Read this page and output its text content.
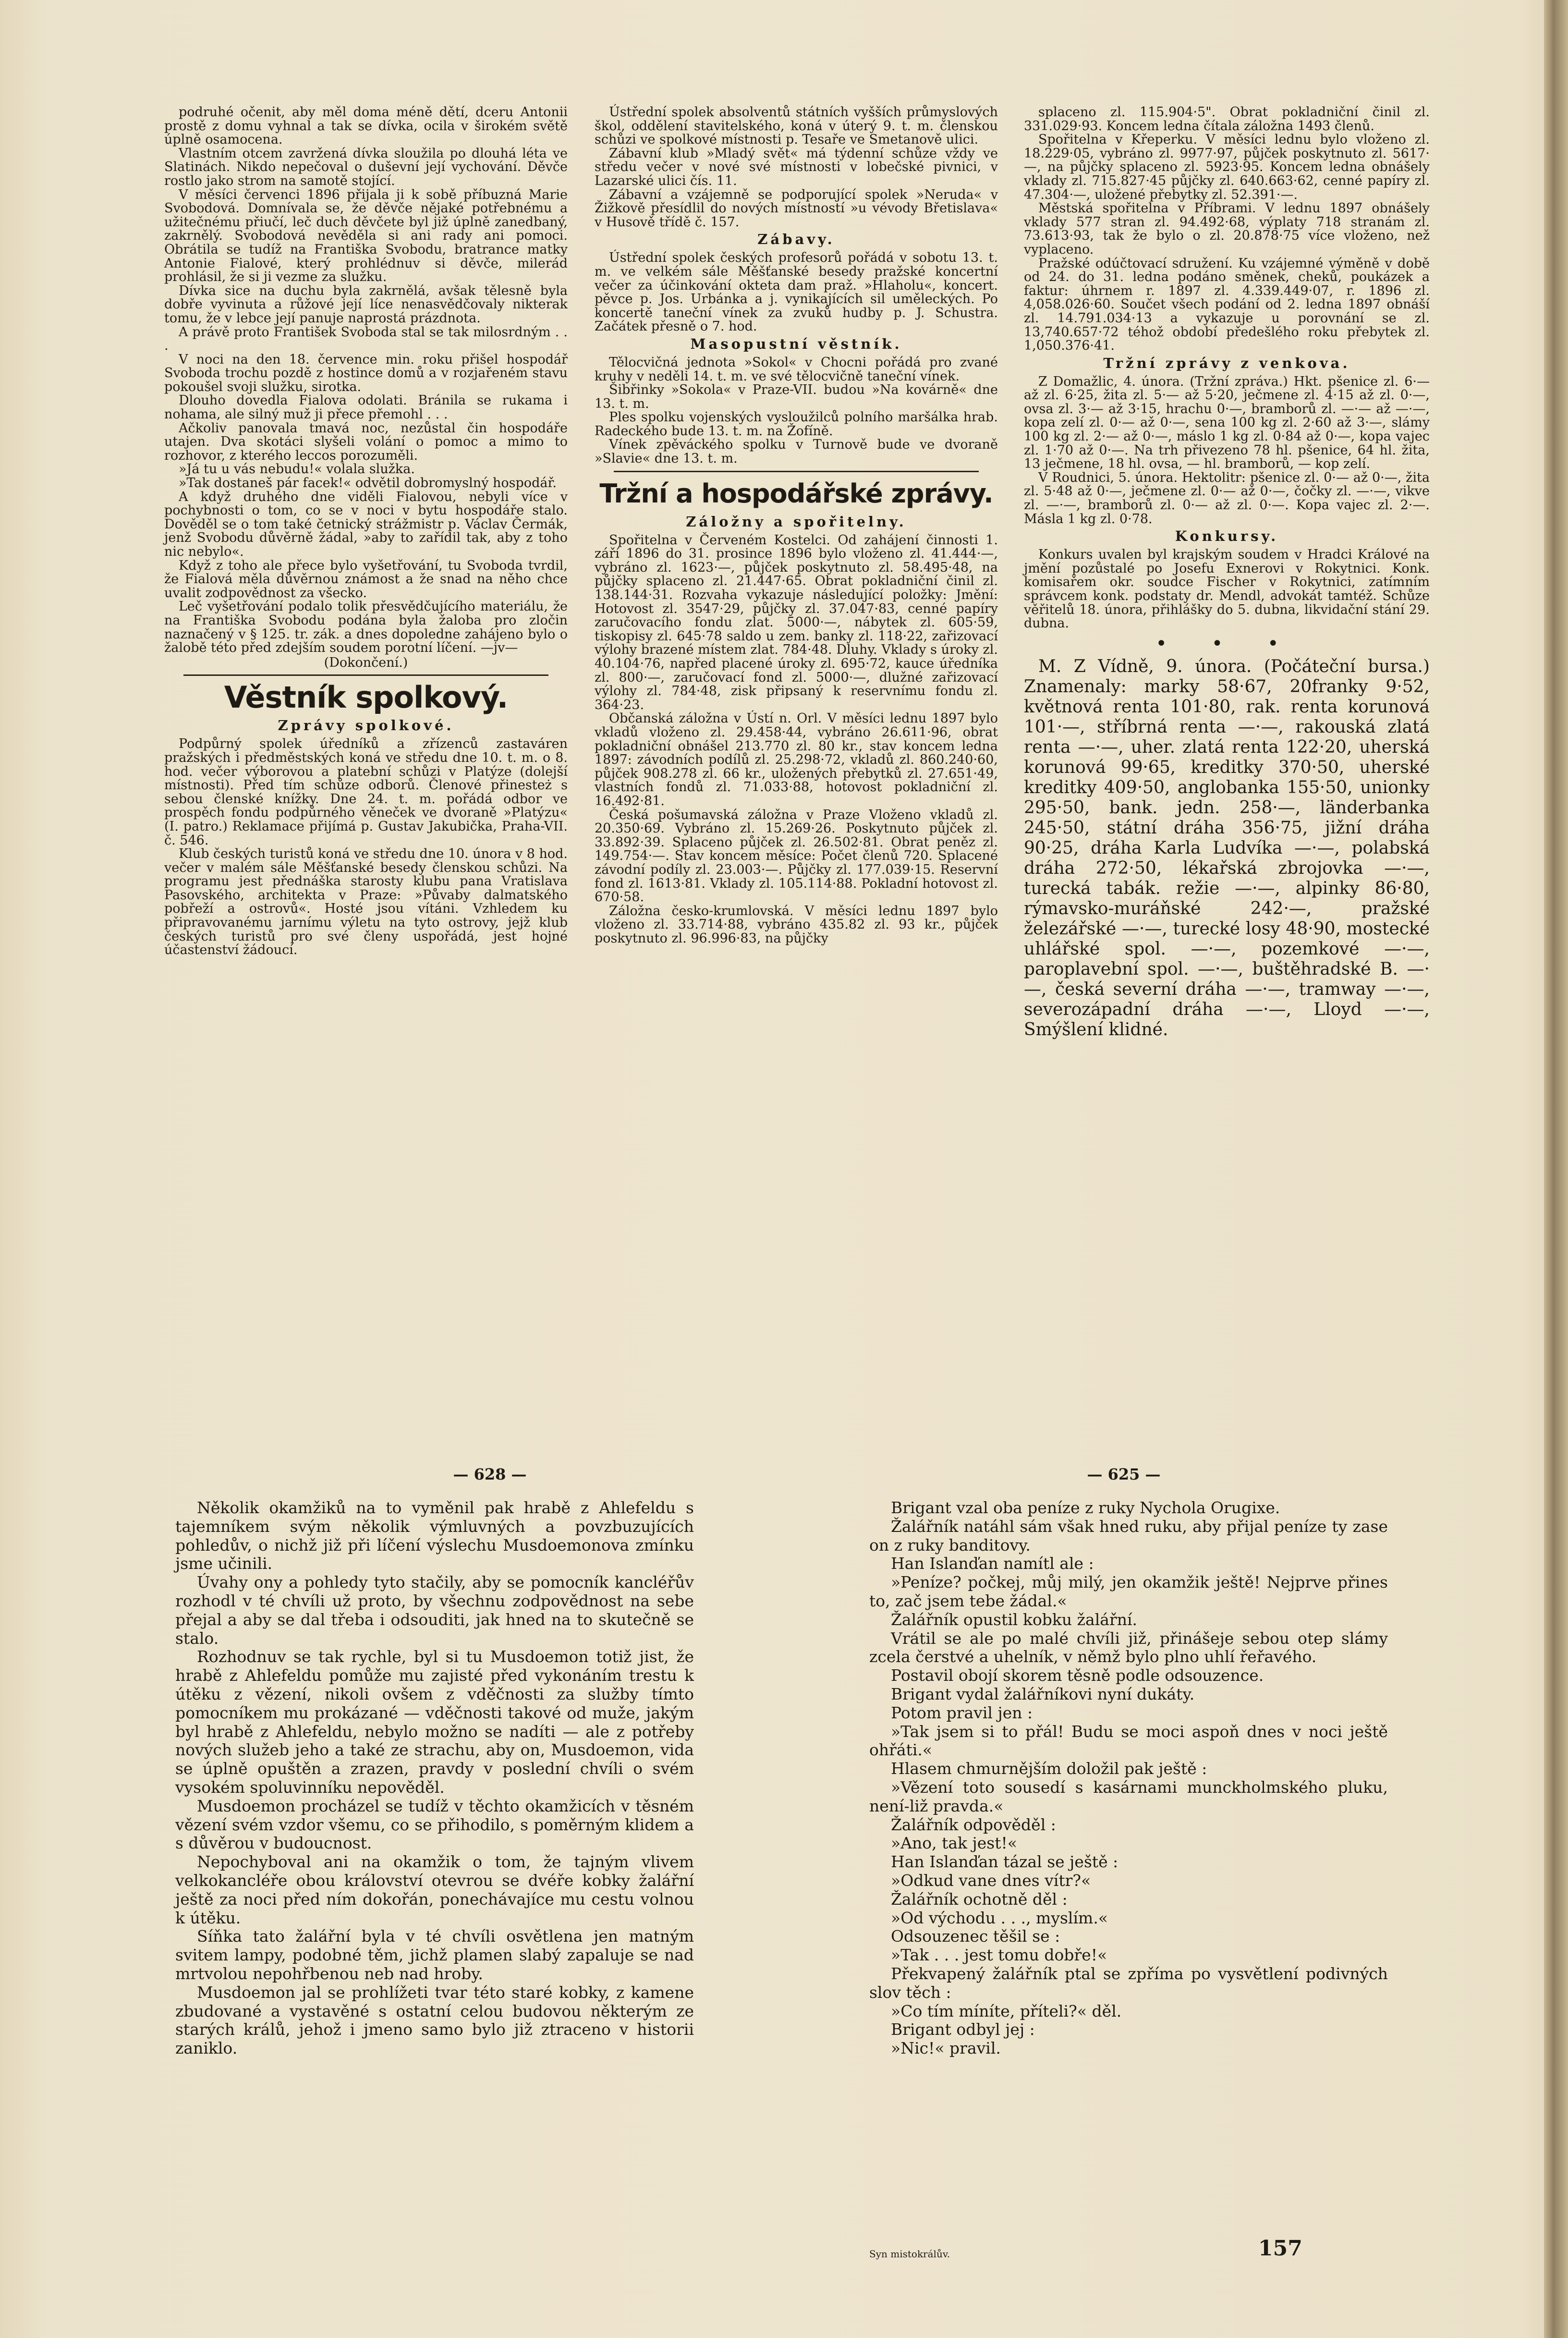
podruhé očenit, aby měl doma méně dětí, dceru Antonii prostě z domu vyhnal a tak se dívka, ocila v širokém světě úplně osamocena.

Vlastním otcem zavržená dívka sloužila po dlouhá léta ve Slatinách. Nikdo nepečoval o duševní její vychování. Děvče rostlo jako strom na samotě stojící.

V měsíci červenci 1896 přijala ji k sobě příbuzná Marie Svobodová. Domnívala se, že děvče nějaké potřebnému a užitečnému přiučí, leč duch děvčete byl již úplně zanedbaný, zakrnělý. Svobodová nevěděla si ani rady ani pomoci. Obrátila se tudíž na Františka Svobodu, bratrance matky Antonie Fialové, který prohlédnuv si děvče, milerád prohlásil, že si ji vezme za služku.

Dívka sice na duchu byla zakrnělá, avšak tělesně byla dobře vyvinuta a růžové její líce nenasvědčovaly nikterak tomu, že v lebce její panuje naprostá prázdnota.

A právě proto František Svoboda stal se tak milosrdným . . .

V noci na den 18. července min. roku přišel hospodář Svoboda trochu pozdě z hostince domů a v rozjařeném stavu pokoušel svoji služku, sirotka.

Dlouho dovedla Fialova odolati. Bránila se rukama i nohama, ale silný muž ji přece přemohl . . .

Ačkoliv panovala tmavá noc, nezůstal čin hospodáře utajen. Dva skotáci slyšeli volání o pomoc a mimo to rozhovor, z kterého leccos porozuměli.

»Já tu u vás nebudu!« volala služka.

»Tak dostaneš pár facek!« odvětil dobromyslný hospodář.

A když druhého dne viděli Fialovou, nebyli více v pochybnosti o tom, co se v noci v bytu hospodáře stalo. Dověděl se o tom také četnický strážmistr p. Václav Čermák, jenž Svobodu důvěrně žádal, »aby to zařídil tak, aby z toho nic nebylo«.

Když z toho ale přece bylo vyšetřování, tu Svoboda tvrdil, že Fialová měla důvěrnou známost a že snad na něho chce uvalit zodpovědnost za všecko.

Leč vyšetřování podalo tolik přesvědčujícího materiálu, že na Františka Svobodu podána byla žaloba pro zločin naznačený v § 125. tr. zák. a dnes dopoledne zahájeno bylo o žalobě této před zdejším soudem porotní líčení. —jv—

(Dokončení.)

Věstník spolkový.
Zprávy spolkové.

Podpůrný spolek úředníků a zřízenců zastaváren pražských i předměstských koná ve středu dne 10. t. m. o 8. hod. večer výborovou a platební schůzi v Platýze (dolejší místnosti). Před tím schůze odborů. Členové přinesteż s sebou členské knížky. Dne 24. t. m. pořádá odbor ve prospěch fondu podpůrného věneček ve dvoraně »Platýzu« (I. patro.) Reklamace přijímá p. Gustav Jakubička, Praha-VII. č. 546.

Klub českých turistů koná ve středu dne 10. února v 8 hod. večer v malém sále Měšťanské besedy členskou schůzi. Na programu jest přednáška starosty klubu pana Vratislava Pasovského, architekta v Praze: »Půvaby dalmatského pobřeží a ostrovů«. Hosté jsou vítáni. Vzhledem ku připravovanému jarnímu výletu na tyto ostrovy, jejž klub českých turistů pro své členy uspořádá, jest hojné účastenství žádoucí.

Ústřední spolek absolventů státních vyšších průmyslových škol, oddělení stavitelského, koná v úterý 9. t. m. členskou schůzi ve spolkové místnosti p. Tesaře ve Smetanově ulici.

Zábavní klub »Mladý svět« má týdenní schůze vždy ve středu večer v nové své místnosti v lobečské pivnici, v Lazarské ulici čís. 11.

Zábavní a vzájemně se podporující spolek »Neruda« v Žižkově přesídlil do nových místností »u vévody Břetislava« v Husově třídě č. 157.

Zábavy.

Ústřední spolek českých profesorů pořádá v sobotu 13. t. m. ve velkém sále Měšťanské besedy pražské koncertní večer za účinkování okteta dam praž. »Hlaholu«, koncert. pěvce p. Jos. Urbánka a j. vynikajících sil uměleckých. Po koncertě taneční vínek za zvuků hudby p. J. Schustra. Začátek přesně o 7. hod.

Masopustní věstník.

Tělocvičná jednota »Sokol« v Chocni pořádá pro zvané kruhy v neděli 14. t. m. ve své tělocvičně taneční vínek.

Šibřinky »Sokola« v Praze-VII. budou »Na kovárně« dne 13. t. m.

Ples spolku vojenských vysloužilců polního maršálka hrab. Radeckého bude 13. t. m. na Žofíně.

Vínek zpěváckého spolku v Turnově bude ve dvoraně »Slavie« dne 13. t. m.

Tržní a hospodářské zprávy.
Záložny a spořitelny.

Spořitelna v Červeném Kostelci. Od zahájení činnosti 1. září 1896 do 31. prosince 1896 bylo vloženo zl. 41.444·—, vybráno zl. 1623·—, půjček poskytnuto zl. 58.495·48, na půjčky splaceno zl. 21.447·65. Obrat pokladniční činil zl. 138.144·31. Rozvaha vykazuje následující položky: Jmění: Hotovost zl. 3547·29, půjčky zl. 37.047·83, cenné papíry zaručovacího fondu zlat. 5000·—, nábytek zl. 605·59, tiskopisy zl. 645·78 saldo u zem. banky zl. 118·22, zařizovací výlohy brazené místem zlat. 784·48. Dluhy. Vklady s úroky zl. 40.104·76, napřed placené úroky zl. 695·72, kauce úředníka zl. 800·—, zaručovací fond zl. 5000·—, dlužné zařizovací výlohy zl. 784·48, zisk připsaný k reservnímu fondu zl. 364·23.

Občanská záložna v Ústí n. Orl. V měsíci lednu 1897 bylo vkladů vloženo zl. 29.458·44, vybráno 26.611·96, obrat pokladniční obnášel 213.770 zl. 80 kr., stav koncem ledna 1897: závodních podílů zl. 25.298·72, vkladů zl. 860.240·60, půjček 908.278 zl. 66 kr., uložených přebytků zl. 27.651·49, vlastních fondů zl. 71.033·88, hotovost pokladniční zl. 16.492·81.

Česká pošumavská záložna v Praze Vloženo vkladů zl. 20.350·69. Vybráno zl. 15.269·26. Poskytnuto půjček zl. 33.892·39. Splaceno půjček zl. 26.502·81. Obrat peněz zl. 149.754·—. Stav koncem měsíce: Počet členů 720. Splacené závodní podíly zl. 23.003·—. Půjčky zl. 177.039·15. Reservní fond zl. 1613·81. Vklady zl. 105.114·88. Pokladní hotovost zl. 670·58.

Záložna česko-krumlovská. V měsíci lednu 1897 bylo vloženo zl. 33.714·88, vybráno 435.82 zl. 93 kr., půjček poskytnuto zl. 96.996·83, na půjčky

splaceno zl. 115.904·5". Obrat pokladniční činil zl. 331.029·93. Koncem ledna čítala záložna 1493 členů.

Spořitelna v Křeperku. V měsíci lednu bylo vloženo zl. 18.229·05, vybráno zl. 9977·97, půjček poskytnuto zl. 5617·—, na půjčky splaceno zl. 5923·95. Koncem ledna obnášely vklady zl. 715.827·45 půjčky zl. 640.663·62, cenné papíry zl. 47.304·—, uložené přebytky zl. 52.391·—.

Městská spořitelna v Příbrami. V lednu 1897 obnášely vklady 577 stran zl. 94.492·68, výplaty 718 stranám zl. 73.613·93, tak že bylo o zl. 20.878·75 více vloženo, než vyplaceno.

Pražské odúčtovací sdružení. Ku vzájemné výměně v době od 24. do 31. ledna podáno směnek, cheků, poukázek a faktur: úhrnem r. 1897 zl. 4.339.449·07, r. 1896 zl. 4,058.026·60. Součet všech podání od 2. ledna 1897 obnáší zl. 14.791.034·13 a vykazuje u porovnání se zl. 13,740.657·72 téhož období předešlého roku přebytek zl. 1,050.376·41.

Tržní zprávy z venkova.

Z Domažlic, 4. února. (Tržní zpráva.) Hkt. pšenice zl. 6·— až zl. 6·25, žita zl. 5·— až 5·20, ječmene zl. 4·15 až zl. 0·—, ovsa zl. 3·— až 3·15, hrachu 0·—, bramborů zl. —·— až —·—, kopa zelí zl. 0·— až 0·—, sena 100 kg zl. 2·60 až 3·—, slámy 100 kg zl. 2·— až 0·—, máslo 1 kg zl. 0·84 až 0·—, kopa vajec zl. 1·70 až 0·—. Na trh přivezeno 78 hl. pšenice, 64 hl. žita, 13 ječmene, 18 hl. ovsa, — hl. bramborů, — kop zelí.

V Roudnici, 5. února. Hektolitr: pšenice zl. 0·— až 0·—, žita zl. 5·48 až 0·—, ječmene zl. 0·— až 0·—, čočky zl. —·—, vikve zl. —·—, bramborů zl. 0·— až zl. 0·—. Kopa vajec zl. 2·—. Másla 1 kg zl. 0·78.

Konkursy.

Konkurs uvalen byl krajským soudem v Hradci Králové na jmění pozůstalé po Josefu Exnerovi v Rokytnici. Konk. komisařem okr. soudce Fischer v Rokytnici, zatímním správcem konk. podstaty dr. Mendl, advokát tamtéž. Schůze věřitelů 18. února, přihlášky do 5. dubna, likvidační stání 29. dubna.

• • •

M. Z Vídně, 9. února. (Počáteční bursa.) Znamenaly: marky 58·67, 20franky 9·52, květnová renta 101·80, rak. renta korunová 101·—, stříbrná renta —·—, rakouská zlatá renta —·—, uher. zlatá renta 122·20, uherská korunová 99·65, kreditky 370·50, uherské kreditky 409·50, anglobanka 155·50, unionky 295·50, bank. jedn. 258·—, länderbanka 245·50, státní dráha 356·75, jižní dráha 90·25, dráha Karla Ludvíka —·—, polabská dráha 272·50, lékařská zbrojovka —·—, turecká tabák. režie —·—, alpinky 86·80, rýmavsko-muráňské 242·—, pražské železářské —·—, turecké losy 48·90, mostecké uhlářské spol. —·—, pozemkové —·—, paroplavební spol. —·—, buštěhradské B. —·—, česká severní dráha —·—, tramway —·—, severozápadní dráha —·—, Lloyd —·—, Smýšlení klidné.

— 628 —

Několik okamžiků na to vyměnil pak hrabě z Ahlefeldu s tajemníkem svým několik výmluvných a povzbuzujících pohledův, o nichž již při líčení výslechu Musdoemonova zmínku jsme učinili.

Úvahy ony a pohledy tyto stačily, aby se pomocník kancléřův rozhodl v té chvíli už proto, by všechnu zodpovědnost na sebe přejal a aby se dal třeba i odsouditi, jak hned na to skutečně se stalo.

Rozhodnuv se tak rychle, byl si tu Musdoemon totiž jist, že hrabě z Ahlefeldu pomůže mu zajisté před vykonáním trestu k útěku z vězení, nikoli ovšem z vděčnosti za služby tímto pomocníkem mu prokázané — vděčnosti takové od muže, jakým byl hrabě z Ahlefeldu, nebylo možno se nadíti — ale z potřeby nových služeb jeho a také ze strachu, aby on, Musdoemon, vida se úplně opuštěn a zrazen, pravdy v poslední chvíli o svém vysokém spoluvinníku nepověděl.

Musdoemon procházel se tudíž v těchto okamžicích v těsném vězení svém vzdor všemu, co se přihodilo, s poměrným klidem a s důvěrou v budoucnost.

Nepochyboval ani na okamžik o tom, že tajným vlivem velkokancléře obou království otevrou se dvéře kobky žalářní ještě za noci před ním dokořán, ponechávajíce mu cestu volnou k útěku.

Síňka tato žalářní byla v té chvíli osvětlena jen matným svitem lampy, podobné těm, jichž plamen slabý zapaluje se nad mrtvolou nepohřbenou neb nad hroby.

Musdoemon jal se prohlížeti tvar této staré kobky, z kamene zbudované a vystavěné s ostatní celou budovou některým ze starých králů, jehož i jmeno samo bylo již ztraceno v historii zaniklo.

— 625 —

Brigant vzal oba peníze z ruky Nychola Orugixe.

Žalářník natáhl sám však hned ruku, aby přijal peníze ty zase on z ruky banditovy.

Han Islanďan namítl ale :

»Peníze? počkej, můj milý, jen okamžik ještě! Nejprve přines to, zač jsem tebe žádal.«

Žalářník opustil kobku žalářní.

Vrátil se ale po malé chvíli již, přinášeje sebou otep slámy zcela čerstvé a uhelník, v němž bylo plno uhlí řeřavého.

Postavil obojí skorem těsně podle odsouzence.

Brigant vydal žalářníkovi nyní dukáty.

Potom pravil jen :

»Tak jsem si to přál! Budu se moci aspoň dnes v noci ještě ohřáti.«

Hlasem chmurnějším doložil pak ještě :

»Vězení toto sousedí s kasárnami munckholmského pluku, není-liž pravda.«

Žalářník odpověděl :

»Ano, tak jest!«

Han Islanďan tázal se ještě :

»Odkud vane dnes vítr?«

Žalářník ochotně děl :

»Od východu . . ., myslím.«

Odsouzenec těšil se :

»Tak . . . jest tomu dobře!«

Překvapený žalářník ptal se zpříma po vysvětlení podivných slov těch :

»Co tím míníte, příteli?« děl.

Brigant odbyl jej :

»Nic!« pravil.

Syn mistokrálův.	157
